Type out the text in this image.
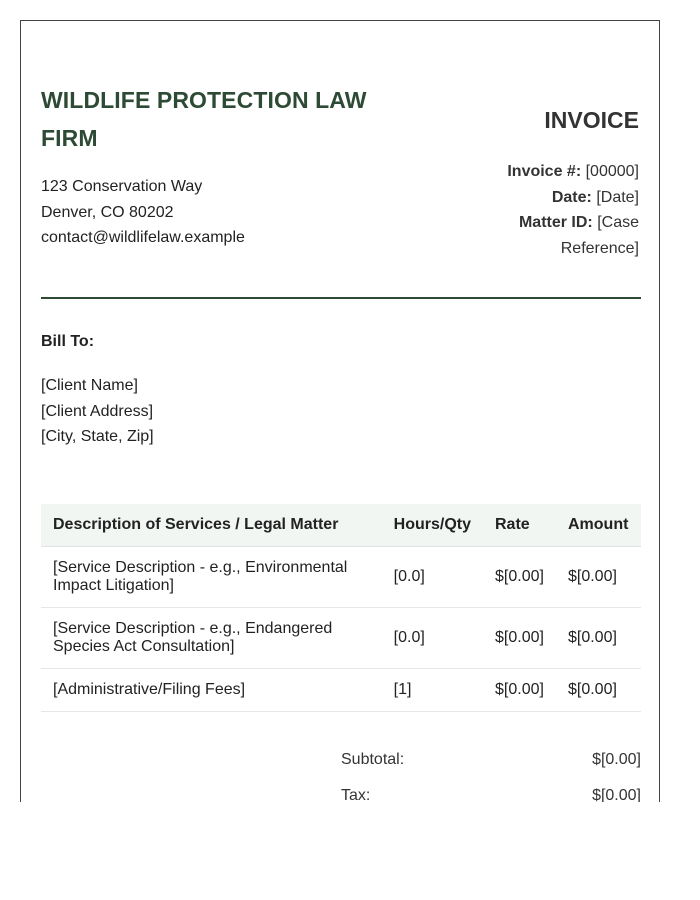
WILDLIFE PROTECTION LAW FIRM
123 Conservation Way
Denver, CO 80202
contact@wildlifelaw.example
INVOICE
Invoice #: [00000]
Date: [Date]
Matter ID: [Case Reference]
Bill To:
[Client Name]
[Client Address]
[City, State, Zip]
Description of Services / Legal Matter	Hours/Qty	Rate	Amount
[Service Description - e.g., Environmental Impact Litigation]	[0.0]	$[0.00]	$[0.00]
[Service Description - e.g., Endangered Species Act Consultation]	[0.0]	$[0.00]	$[0.00]
[Administrative/Filing Fees]	[1]	$[0.00]	$[0.00]
Subtotal:	$[0.00]
Tax:	$[0.00]
